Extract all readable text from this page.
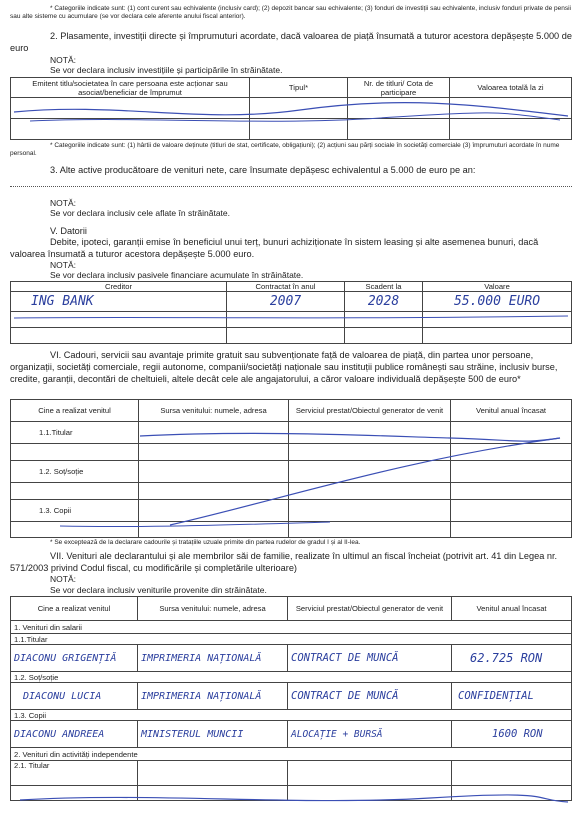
* Categoriile indicate sunt: (1) cont curent sau echivalente (inclusiv card); (2) depozit bancar sau echivalente; (3) fonduri de investiții sau echivalente, inclusiv fonduri private de pensii sau alte sisteme cu acumulare (se vor declara cele aferente anului fiscal anterior).
2. Plasamente, investiții directe și împrumuturi acordate, dacă valoarea de piață însumată a tuturor acestora depășește 5.000 de euro
NOTĂ:
Se vor declara inclusiv investițiile și participările în străinătate.
Emitent titlu/societatea în care persoana este acționar sau asociat/beneficiar de împrumut	Tipul*	Nr. de titluri/ Cota de participare	Valoarea totală la zi

* Categoriile indicate sunt: (1) hârtii de valoare deținute (titluri de stat, certificate, obligațiuni); (2) acțiuni sau părți sociale în societăți comerciale (3) împrumuturi acordate în nume personal.
3. Alte active producătoare de venituri nete, care însumate depășesc echivalentul a 5.000 de euro pe an:
NOTĂ:
Se vor declara inclusiv cele aflate în străinătate.
V. Datorii
Debite, ipoteci, garanții emise în beneficiul unui terț, bunuri achiziționate în sistem leasing și alte asemenea bunuri, dacă valoarea însumată a tuturor acestora depășește 5.000 euro.
NOTĂ:
Se vor declara inclusiv pasivele financiare acumulate în străinătate.
Creditor	Contractat în anul	Scadent la	Valoare
ING BANK	2007	2028	55.000 EURO

VI. Cadouri, servicii sau avantaje primite gratuit sau subvenționate față de valoarea de piață, din partea unor persoane, organizații, societăți comerciale, regii autonome, companii/societăți naționale sau instituții publice românești sau străine, inclusiv burse, credite, garanții, decontări de cheltuieli, altele decât cele ale angajatorului, a căror valoare individuală depășește 500 de euro*
Cine a realizat venitul	Sursa venitului: numele, adresa	Serviciul prestat/Obiectul generator de venit	Venitul anual încasat
1.1.Titular			

1.2. Soț/soție			

1.3. Copii			

* Se exceptează de la declarare cadourile și tratațiile uzuale primite din partea rudelor de gradul I și al II-lea.
VII. Venituri ale declarantului și ale membrilor săi de familie, realizate în ultimul an fiscal încheiat (potrivit art. 41 din Legea nr. 571/2003 privind Codul fiscal, cu modificările și completările ulterioare)
NOTĂ:
Se vor declara inclusiv veniturile provenite din străinătate.
Cine a realizat venitul	Sursa venitului: numele, adresa	Serviciul prestat/Obiectul generator de venit	Venitul anual încasat
1. Venituri din salarii			
1.1.Titular			
DIACONU GRIGENȚIĂ	IMPRIMERIA NAȚIONALĂ	CONTRACT DE MUNCĂ	62.725 RON
1.2. Soț/soție			
DIACONU LUCIA	IMPRIMERIA NAȚIONALĂ	CONTRACT DE MUNCĂ	CONFIDENȚIAL
1.3. Copii			
DIACONU ANDREEA	MINISTERUL MUNCII	ALOCAȚIE + BURSĂ	1600 RON
2. Venituri din activități independente			
2.1. Titular			
